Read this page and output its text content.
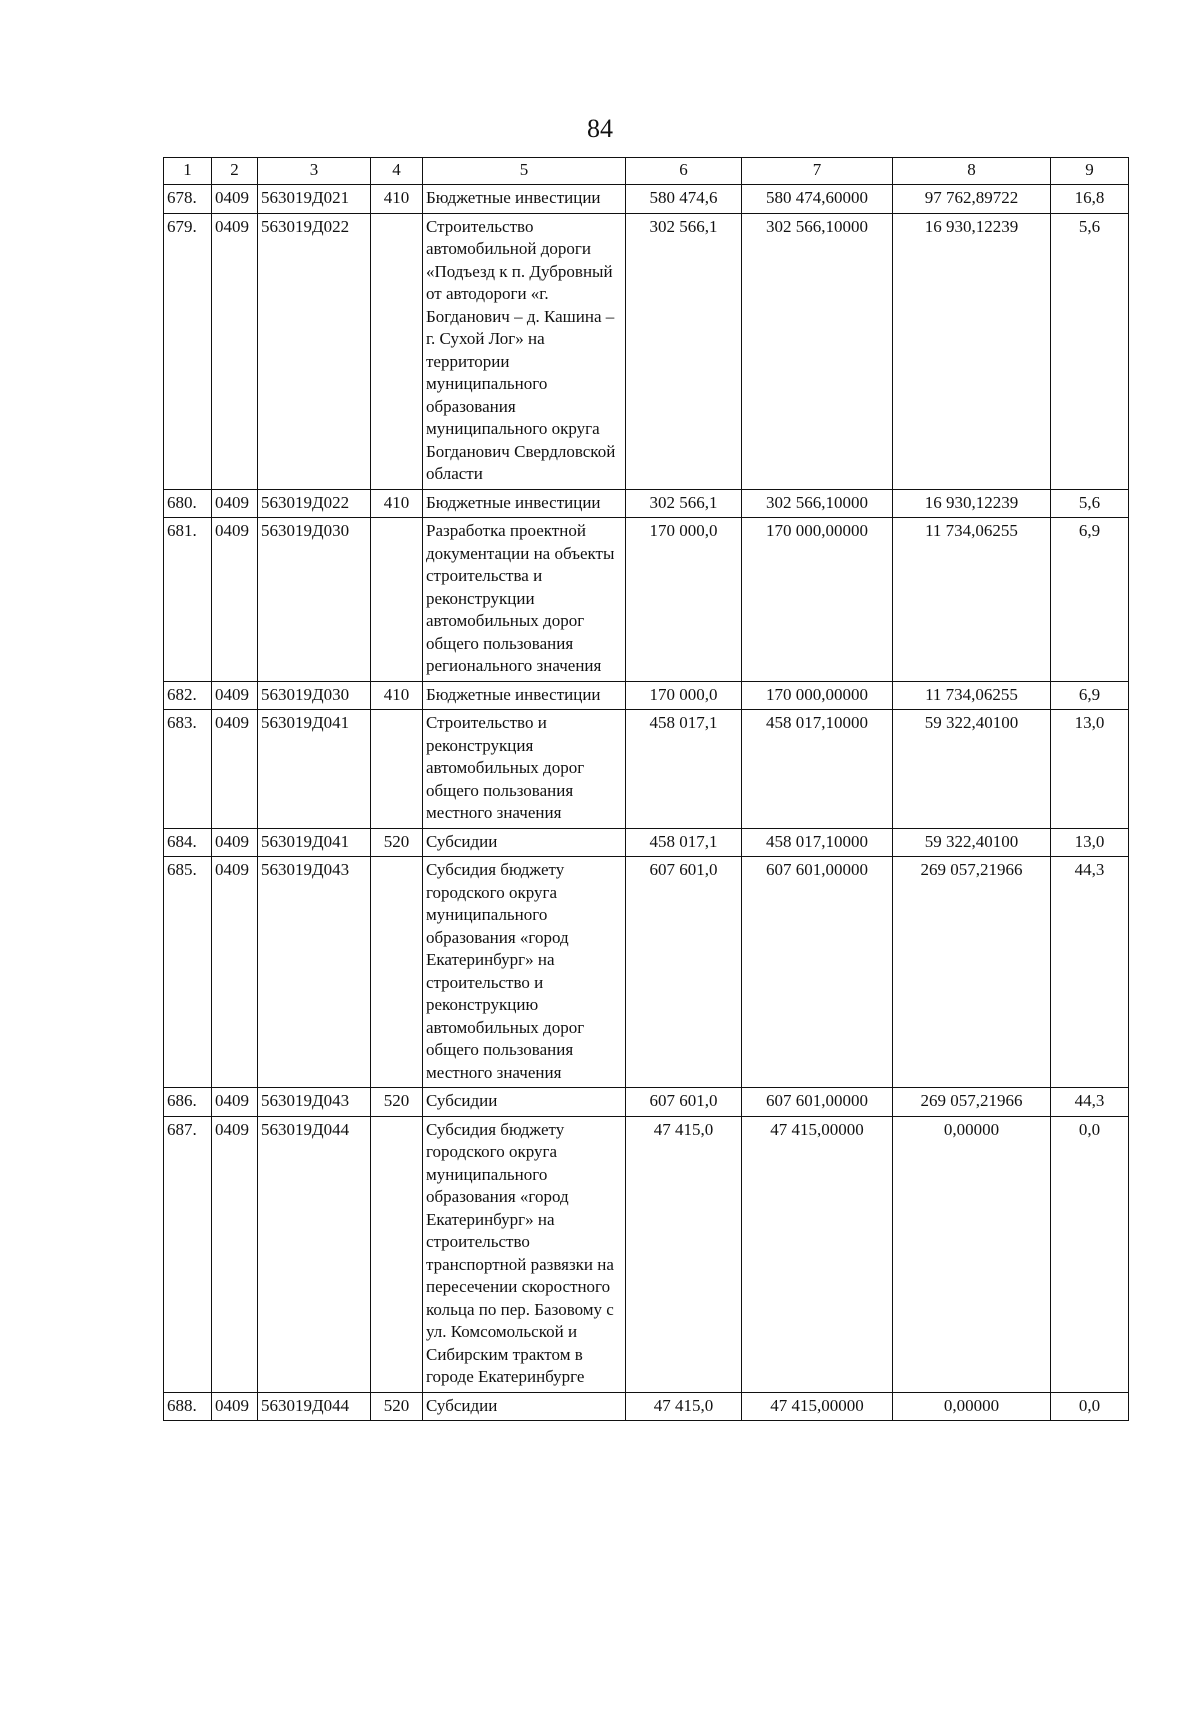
84
1	2	3	4	5	6	7	8	9
678.	0409	563019Д021	410	Бюджетные инвестиции	580 474,6	580 474,60000	97 762,89722	16,8
679.	0409	563019Д022		Строительство автомобильной дороги «Подъезд к п. Дубровный от автодороги «г. Богданович – д. Кашина – г. Сухой Лог» на территории муниципального образования муниципального округа Богданович Свердловской области	302 566,1	302 566,10000	16 930,12239	5,6
680.	0409	563019Д022	410	Бюджетные инвестиции	302 566,1	302 566,10000	16 930,12239	5,6
681.	0409	563019Д030		Разработка проектной документации на объекты строительства и реконструкции автомобильных дорог общего пользования регионального значения	170 000,0	170 000,00000	11 734,06255	6,9
682.	0409	563019Д030	410	Бюджетные инвестиции	170 000,0	170 000,00000	11 734,06255	6,9
683.	0409	563019Д041		Строительство и реконструкция автомобильных дорог общего пользования местного значения	458 017,1	458 017,10000	59 322,40100	13,0
684.	0409	563019Д041	520	Субсидии	458 017,1	458 017,10000	59 322,40100	13,0
685.	0409	563019Д043		Субсидия бюджету городского округа муниципального образования «город Екатеринбург» на строительство и реконструкцию автомобильных дорог общего пользования местного значения	607 601,0	607 601,00000	269 057,21966	44,3
686.	0409	563019Д043	520	Субсидии	607 601,0	607 601,00000	269 057,21966	44,3
687.	0409	563019Д044		Субсидия бюджету городского округа муниципального образования «город Екатеринбург» на строительство транспортной развязки на пересечении скоростного кольца по пер. Базовому с ул. Комсомольской и Сибирским трактом в городе Екатеринбурге	47 415,0	47 415,00000	0,00000	0,0
688.	0409	563019Д044	520	Субсидии	47 415,0	47 415,00000	0,00000	0,0
